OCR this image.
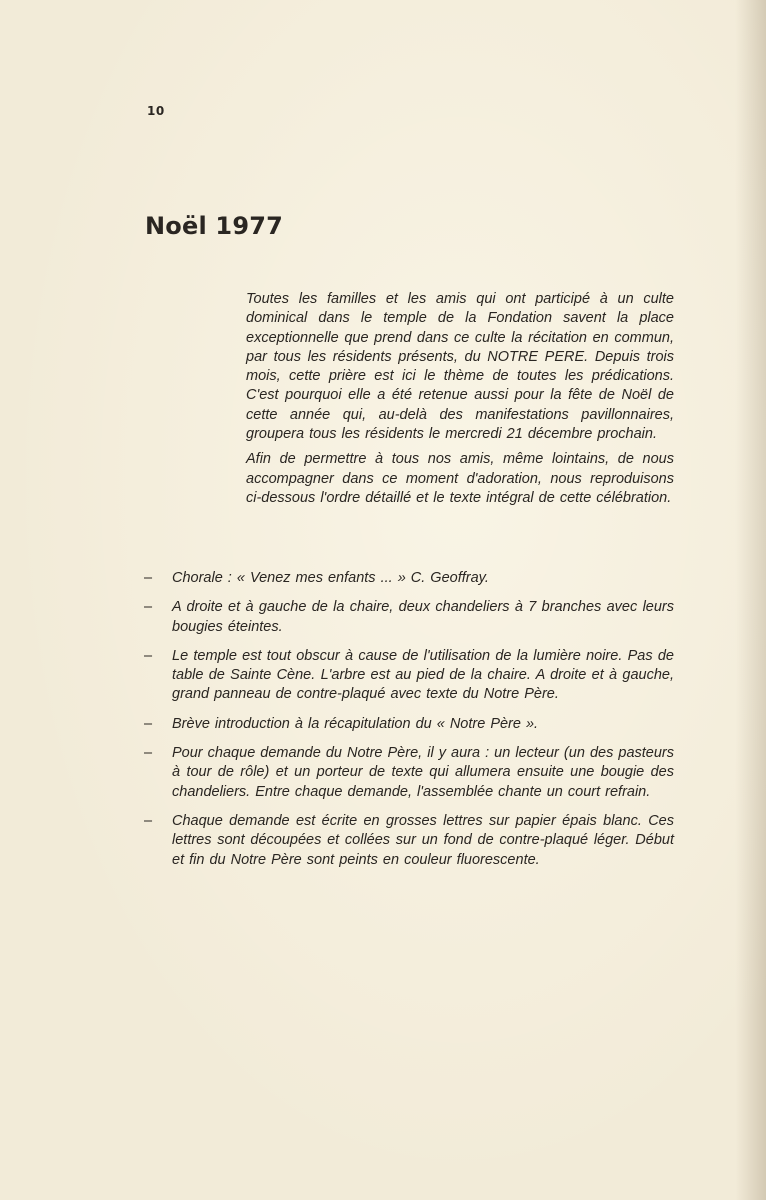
10
Noël 1977

Toutes les familles et les amis qui ont participé à un culte dominical dans le temple de la Fondation savent la place exceptionnelle que prend dans ce culte la récitation en commun, par tous les résidents présents, du NOTRE PERE. Depuis trois mois, cette prière est ici le thème de toutes les prédications. C'est pourquoi elle a été retenue aussi pour la fête de Noël de cette année qui, au-delà des manifestations pavillonnaires, groupera tous les résidents le mercredi 21 décembre prochain.

Afin de permettre à tous nos amis, même lointains, de nous accompagner dans ce moment d'adoration, nous reproduisons ci-dessous l'ordre détaillé et le texte intégral de cette célébration.

– Chorale : « Venez mes enfants ... » C. Geoffray.
– A droite et à gauche de la chaire, deux chandeliers à 7 branches avec leurs bougies éteintes.
– Le temple est tout obscur à cause de l'utilisation de la lumière noire. Pas de table de Sainte Cène. L'arbre est au pied de la chaire. A droite et à gauche, grand panneau de contre-plaqué avec texte du Notre Père.
– Brève introduction à la récapitulation du « Notre Père ».
– Pour chaque demande du Notre Père, il y aura : un lecteur (un des pasteurs à tour de rôle) et un porteur de texte qui allumera ensuite une bougie des chandeliers. Entre chaque demande, l'assemblée chante un court refrain.
– Chaque demande est écrite en grosses lettres sur papier épais blanc. Ces lettres sont découpées et collées sur un fond de contre-plaqué léger. Début et fin du Notre Père sont peints en couleur fluorescente.
